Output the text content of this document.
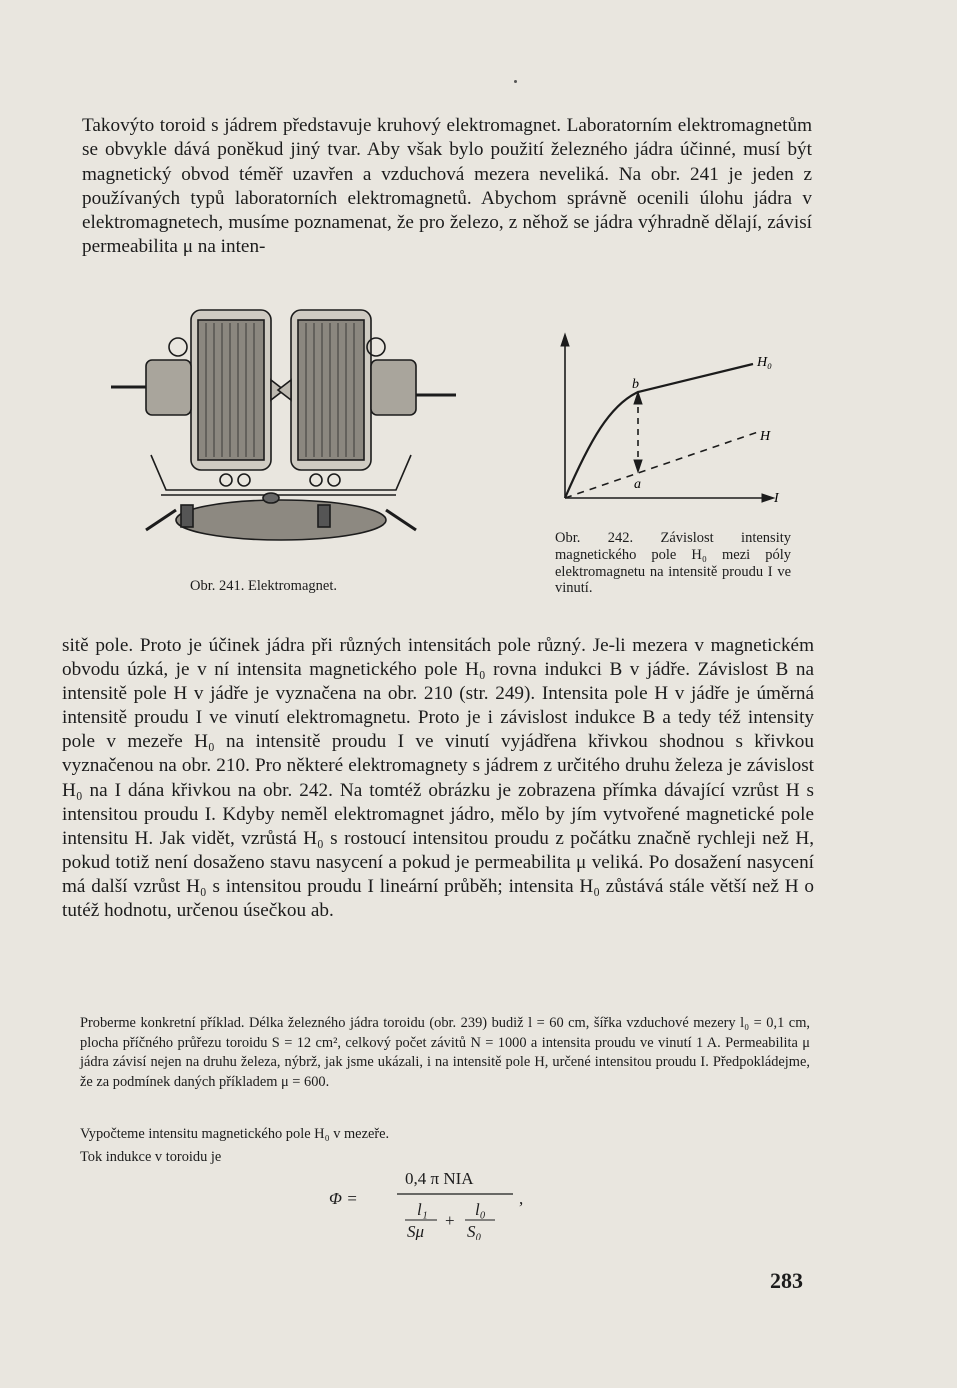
Takovýto toroid s jádrem představuje kruhový elektromagnet. Laboratorním elektromagnetům se obvykle dává poněkud jiný tvar. Aby však bylo použití železného jádra účinné, musí být magnetický obvod téměř uzavřen a vzduchová mezera neveliká. Na obr. 241 je jeden z používaných typů laboratorních elektromagnetů. Abychom správně ocenili úlohu jádra v elektromagnetech, musíme poznamenat, že pro železo, z něhož se jádra výhradně dělají, závisí permeabilita μ na inten-

Obr. 241. Elektromagnet.
H₀
H
b
a
I
Obr. 242. Závislost intensity magnetického pole H₀ mezi póly elektromagnetu na intensitě proudu I ve vinutí.

sitě pole. Proto je účinek jádra při různých intensitách pole různý. Je-li mezera v magnetickém obvodu úzká, je v ní intensita magnetického pole H₀ rovna indukci B v jádře. Závislost B na intensitě pole H v jádře je vyznačena na obr. 210 (str. 249). Intensita pole H v jádře je úměrná intensitě proudu I ve vinutí elektromagnetu. Proto je i závislost indukce B a tedy též intensity pole v mezeře H₀ na intensitě proudu I ve vinutí vyjádřena křivkou shodnou s křivkou vyznačenou na obr. 210. Pro některé elektromagnety s jádrem z určitého druhu železa je závislost H₀ na I dána křivkou na obr. 242. Na tomtéž obrázku je zobrazena přímka dávající vzrůst H s intensitou proudu I. Kdyby neměl elektromagnet jádro, mělo by jím vytvořené magnetické pole intensitu H. Jak vidět, vzrůstá H₀ s rostoucí intensitou proudu z počátku značně rychleji než H, pokud totiž není dosaženo stavu nasycení a pokud je permeabilita μ veliká. Po dosažení nasycení má další vzrůst H₀ s intensitou proudu I lineární průběh; intensita H₀ zůstává stále větší než H o tutéž hodnotu, určenou úsečkou ab.

Proberme konkretní příklad. Délka železného jádra toroidu (obr. 239) budiž l = 60 cm, šířka vzduchové mezery l₀ = 0,1 cm, plocha příčného průřezu toroidu S = 12 cm², celkový počet závitů N = 1000 a intensita proudu ve vinutí 1 A. Permeabilita μ jádra závisí nejen na druhu železa, nýbrž, jak jsme ukázali, i na intensitě pole H, určené intensitou proudu I. Předpokládejme, že za podmínek daných příkladem μ = 600.
Vypočteme intensitu magnetického pole H₀ v mezeře.
Tok indukce v toroidu je
Φ =
0,4 π NIA
l₁
Sμ
+
l₀
S₀
,
283
